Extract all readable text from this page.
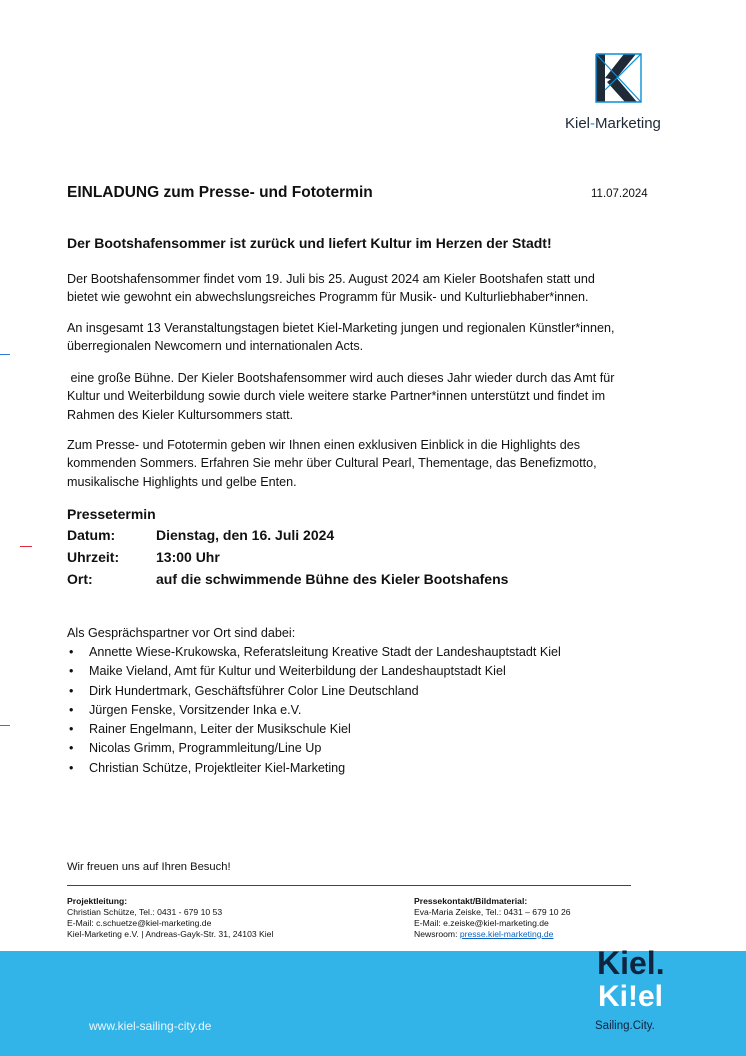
Kiel-Marketing
EINLADUNG zum Presse- und Fototermin	11.07.2024
Der Bootshafensommer ist zurück und liefert Kultur im Herzen der Stadt!
Der Bootshafensommer findet vom 19. Juli bis 25. August 2024 am Kieler Bootshafen statt und
bietet wie gewohnt ein abwechslungsreiches Programm für Musik- und Kulturliebhaber*innen.
An insgesamt 13 Veranstaltungstagen bietet Kiel-Marketing jungen und regionalen Künstler*innen,
überregionalen Newcomern und internationalen Acts.
eine große Bühne. Der Kieler Bootshafensommer wird auch dieses Jahr wieder durch das Amt für
Kultur und Weiterbildung sowie durch viele weitere starke Partner*innen unterstützt und findet im
Rahmen des Kieler Kultursommers statt.
Zum Presse- und Fototermin geben wir Ihnen einen exklusiven Einblick in die Highlights des
kommenden Sommers. Erfahren Sie mehr über Cultural Pearl, Thementage, das Benefizmotto,
musikalische Highlights und gelbe Enten.
Pressetermin
Datum:	Dienstag, den 16. Juli 2024
Uhrzeit:	13:00 Uhr
Ort:	auf die schwimmende Bühne des Kieler Bootshafens
Als Gesprächspartner vor Ort sind dabei:
• Annette Wiese-Krukowska, Referatsleitung Kreative Stadt der Landeshauptstadt Kiel
• Maike Vieland, Amt für Kultur und Weiterbildung der Landeshauptstadt Kiel
• Dirk Hundertmark, Geschäftsführer Color Line Deutschland
• Jürgen Fenske, Vorsitzender Inka e.V.
• Rainer Engelmann, Leiter der Musikschule Kiel
• Nicolas Grimm, Programmleitung/Line Up
• Christian Schütze, Projektleiter Kiel-Marketing
Wir freuen uns auf Ihren Besuch!
Projektleitung:
Christian Schütze, Tel.: 0431 - 679 10 53
E-Mail: c.schuetze@kiel-marketing.de
Kiel-Marketing e.V. | Andreas-Gayk-Str. 31, 24103 Kiel
Pressekontakt/Bildmaterial:
Eva-Maria Zeiske, Tel.: 0431 – 679 10 26
E-Mail: e.zeiske@kiel-marketing.de
Newsroom: presse.kiel-marketing.de
www.kiel-sailing-city.de
Kiel.
Ki!el
Sailing.City.
